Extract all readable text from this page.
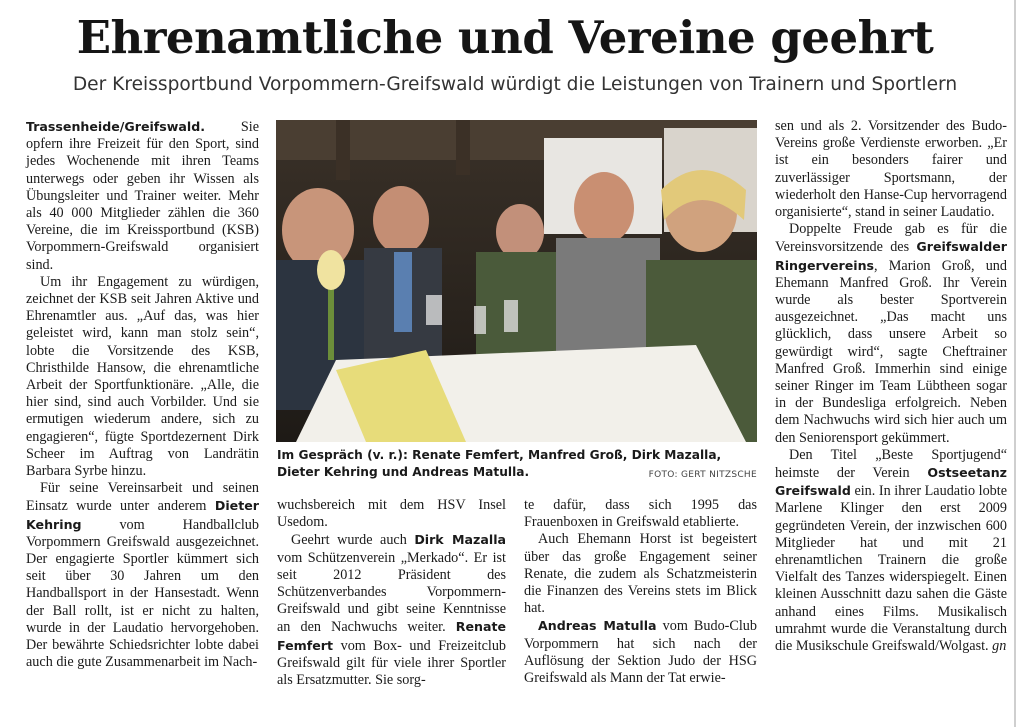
Ehrenamtliche und Vereine geehrt
Der Kreissportbund Vorpommern-Greifswald würdigt die Leistungen von Trainern und Sportlern

Trassenheide/Greifswald.	Sie opfern ihre Freizeit für den Sport, sind jedes Wochenende mit ihren Teams unterwegs oder geben ihr Wissen als Übungsleiter und Trainer weiter. Mehr als 40 000 Mitglieder zählen die 360 Vereine, die im Kreissportbund (KSB) Vorpommern-Greifswald organisiert sind.

Um ihr Engagement zu würdigen, zeichnet der KSB seit Jahren Aktive und Ehrenamtler aus. „Auf das, was hier geleistet wird, kann man stolz sein“, lobte die Vorsitzende des KSB, Christhilde Hansow, die ehrenamtliche Arbeit der Sportfunktionäre. „Alle, die hier sind, sind auch Vorbilder. Und sie ermutigen wiederum andere, sich zu engagieren“, fügte Sportdezernent Dirk Scheer im Auftrag von Landrätin Barbara Syrbe hinzu.

Für seine Vereinsarbeit und seinen Einsatz wurde unter anderem Dieter Kehring	vom Handballclub Vorpommern Greifswald ausgezeichnet. Der engagierte Sportler kümmert sich seit über 30 Jahren um den Handballsport in der Hansestadt. Wenn der Ball rollt, ist er nicht zu halten, wurde in der Laudatio hervorgehoben. Der bewährte Schiedsrichter lobte dabei auch die gute Zusammenarbeit im Nach-

Im Gespräch (v. r.): Renate Femfert, Manfred Groß, Dirk Mazalla, Dieter Kehring und Andreas Matulla.	FOTO: GERT NITZSCHE

wuchsbereich mit dem HSV Insel Usedom.

Geehrt wurde auch Dirk Mazalla vom Schützenverein „Merkado“. Er ist seit 2012 Präsident des Schützenverbandes Vorpommern-Greifswald und gibt seine Kenntnisse an den Nachwuchs weiter. Renate Femfert vom Box- und Freizeitclub Greifswald gilt für viele ihrer Sportler als Ersatzmutter. Sie sorg-

te dafür, dass sich 1995 das Frauenboxen in Greifswald etablierte.

Auch Ehemann Horst ist begeistert über das große Engagement seiner Renate, die zudem als Schatzmeisterin die Finanzen des Vereins stets im Blick hat.

Andreas Matulla vom Budo-Club Vorpommern hat sich nach der Auflösung der Sektion Judo der HSG Greifswald als Mann der Tat erwie-

sen und als 2. Vorsitzender des Budo-Vereins große Verdienste erworben. „Er ist ein besonders fairer und zuverlässiger Sportsmann, der wiederholt den Hanse-Cup hervorragend organisierte“, stand in seiner Laudatio.

Doppelte Freude gab es für die Vereinsvorsitzende des Greifswalder Ringervereins, Marion Groß, und Ehemann Manfred Groß. Ihr Verein wurde als bester Sportverein ausgezeichnet. „Das macht uns glücklich, dass unsere Arbeit so gewürdigt wird“, sagte Cheftrainer Manfred Groß. Immerhin sind einige seiner Ringer im Team Lübtheen sogar in der Bundesliga erfolgreich. Neben dem Nachwuchs wird sich hier auch um den Seniorensport gekümmert.

Den Titel „Beste Sportjugend“ heimste der Verein Ostseetanz Greifswald ein. In ihrer Laudatio lobte Marlene Klinger den erst 2009 gegründeten Verein, der inzwischen 600 Mitglieder hat und mit 21 ehrenamtlichen Trainern die große Vielfalt des Tanzes widerspiegelt. Einen kleinen Ausschnitt dazu sahen die Gäste anhand eines Films. Musikalisch umrahmt wurde die Veranstaltung durch die Musikschule Greifswald/Wolgast. gn
